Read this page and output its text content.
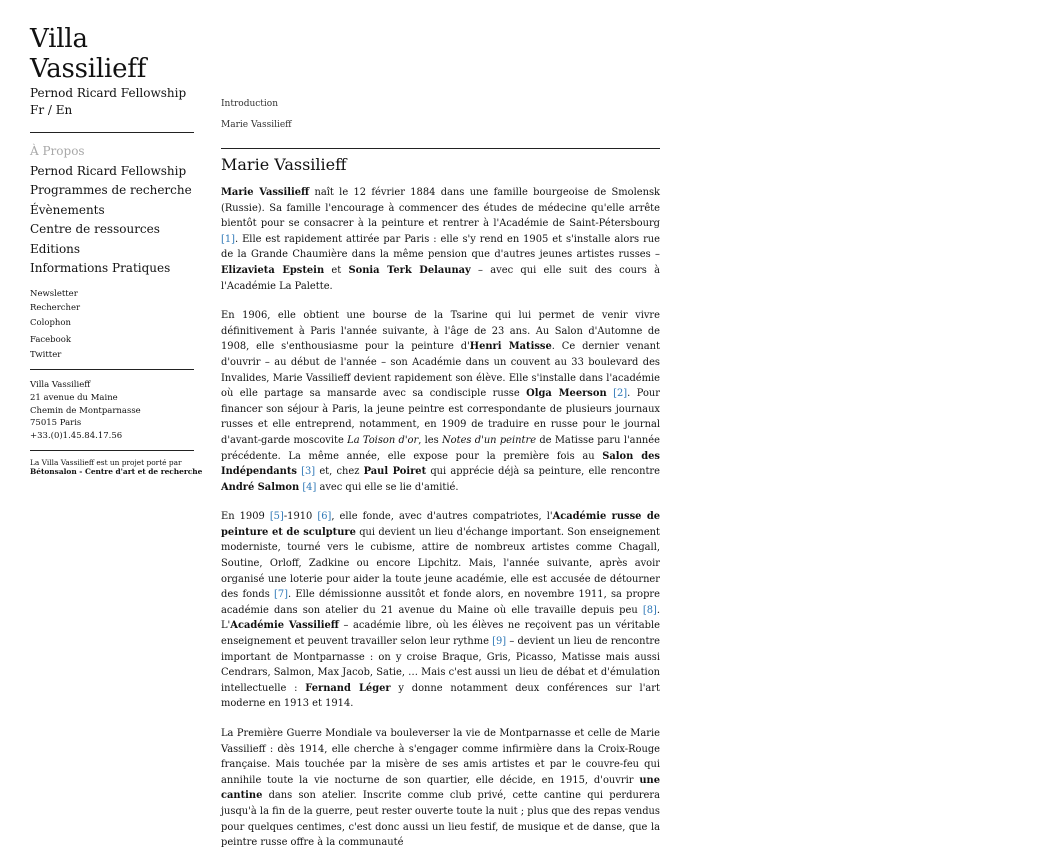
Villa Vassilieff
Pernod Ricard Fellowship
Fr / En
À Propos
Pernod Ricard Fellowship
Programmes de recherche
Évènements
Centre de ressources
Editions
Informations Pratiques
Newsletter
Rechercher
Colophon
Facebook
Twitter
Villa Vassilieff
21 avenue du Maine
Chemin de Montparnasse
75015 Paris
+33.(0)1.45.84.17.56
La Villa Vassilieff est un projet porté par
Bétonsalon - Centre d'art et de recherche
Introduction
Marie Vassilieff
Marie Vassilieff

Marie Vassilieff naît le 12 février 1884 dans une famille bourgeoise de Smolensk (Russie). Sa famille l'encourage à commencer des études de médecine qu'elle arrête bientôt pour se consacrer à la peinture et rentrer à l'Académie de Saint-Pétersbourg [1]. Elle est rapidement attirée par Paris : elle s'y rend en 1905 et s'installe alors rue de la Grande Chaumière dans la même pension que d'autres jeunes artistes russes – Elizavieta Epstein et Sonia Terk Delaunay – avec qui elle suit des cours à l'Académie La Palette.

En 1906, elle obtient une bourse de la Tsarine qui lui permet de venir vivre définitivement à Paris l'année suivante, à l'âge de 23 ans. Au Salon d'Automne de 1908, elle s'enthousiasme pour la peinture d'Henri Matisse. Ce dernier venant d'ouvrir – au début de l'année – son Académie dans un couvent au 33 boulevard des Invalides, Marie Vassilieff devient rapidement son élève. Elle s'installe dans l'académie où elle partage sa mansarde avec sa condisciple russe Olga Meerson [2]. Pour financer son séjour à Paris, la jeune peintre est correspondante de plusieurs journaux russes et elle entreprend, notamment, en 1909 de traduire en russe pour le journal d'avant-garde moscovite La Toison d'or, les Notes d'un peintre de Matisse paru l'année précédente. La même année, elle expose pour la première fois au Salon des Indépendants [3] et, chez Paul Poiret qui apprécie déjà sa peinture, elle rencontre André Salmon [4] avec qui elle se lie d'amitié.

En 1909 [5]-1910 [6], elle fonde, avec d'autres compatriotes, l'Académie russe de peinture et de sculpture qui devient un lieu d'échange important. Son enseignement moderniste, tourné vers le cubisme, attire de nombreux artistes comme Chagall, Soutine, Orloff, Zadkine ou encore Lipchitz. Mais, l'année suivante, après avoir organisé une loterie pour aider la toute jeune académie, elle est accusée de détourner des fonds [7]. Elle démissionne aussitôt et fonde alors, en novembre 1911, sa propre académie dans son atelier du 21 avenue du Maine où elle travaille depuis peu [8]. L'Académie Vassilieff – académie libre, où les élèves ne reçoivent pas un véritable enseignement et peuvent travailler selon leur rythme [9] – devient un lieu de rencontre important de Montparnasse : on y croise Braque, Gris, Picasso, Matisse mais aussi Cendrars, Salmon, Max Jacob, Satie, … Mais c'est aussi un lieu de débat et d'émulation intellectuelle : Fernand Léger y donne notamment deux conférences sur l'art moderne en 1913 et 1914.

La Première Guerre Mondiale va bouleverser la vie de Montparnasse et celle de Marie Vassilieff : dès 1914, elle cherche à s'engager comme infirmière dans la Croix-Rouge française. Mais touchée par la misère de ses amis artistes et par le couvre-feu qui annihile toute la vie nocturne de son quartier, elle décide, en 1915, d'ouvrir une cantine dans son atelier. Inscrite comme club privé, cette cantine qui perdurera jusqu'à la fin de la guerre, peut rester ouverte toute la nuit ; plus que des repas vendus pour quelques centimes, c'est donc aussi un lieu festif, de musique et de danse, que la peintre russe offre à la communauté
